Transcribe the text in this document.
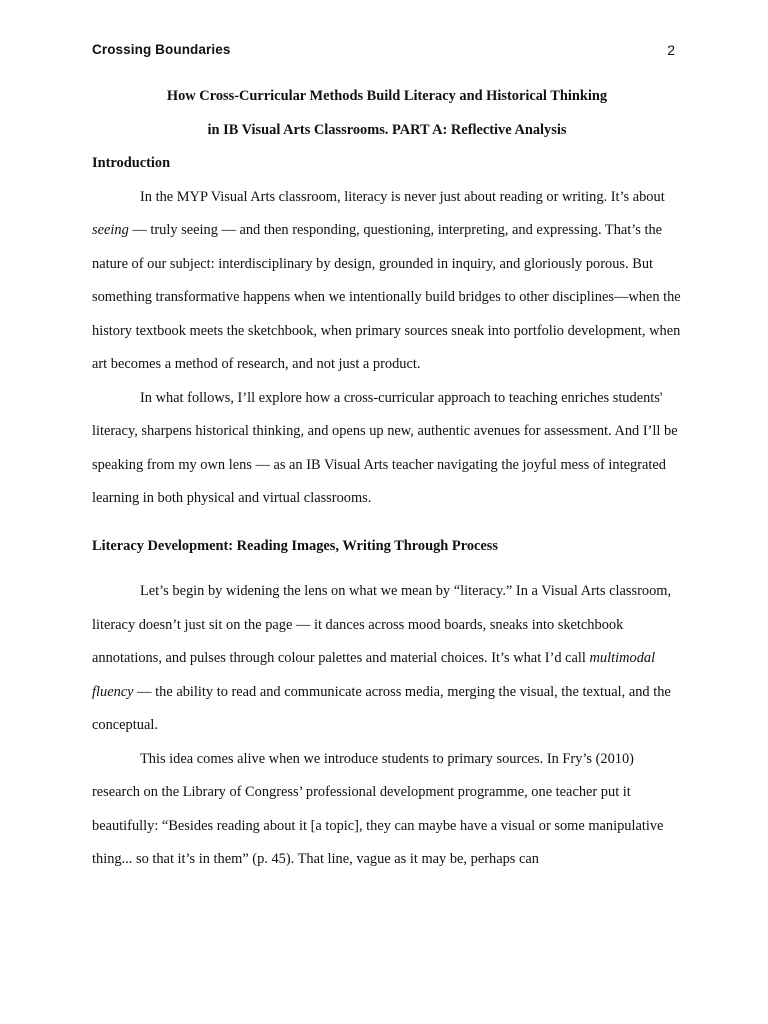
Crossing Boundaries	2

How Cross-Curricular Methods Build Literacy and Historical Thinking

in IB Visual Arts Classrooms. PART A: Reflective Analysis

Introduction

In the MYP Visual Arts classroom, literacy is never just about reading or writing. It’s about seeing — truly seeing — and then responding, questioning, interpreting, and expressing. That’s the nature of our subject: interdisciplinary by design, grounded in inquiry, and gloriously porous. But something transformative happens when we intentionally build bridges to other disciplines—when the history textbook meets the sketchbook, when primary sources sneak into portfolio development, when art becomes a method of research, and not just a product.

In what follows, I’ll explore how a cross-curricular approach to teaching enriches students' literacy, sharpens historical thinking, and opens up new, authentic avenues for assessment. And I’ll be speaking from my own lens — as an IB Visual Arts teacher navigating the joyful mess of integrated learning in both physical and virtual classrooms.

Literacy Development: Reading Images, Writing Through Process

Let’s begin by widening the lens on what we mean by “literacy.” In a Visual Arts classroom, literacy doesn’t just sit on the page — it dances across mood boards, sneaks into sketchbook annotations, and pulses through colour palettes and material choices. It’s what I’d call multimodal fluency — the ability to read and communicate across media, merging the visual, the textual, and the conceptual.

This idea comes alive when we introduce students to primary sources. In Fry’s (2010) research on the Library of Congress’ professional development programme, one teacher put it beautifully: “Besides reading about it [a topic], they can maybe have a visual or some manipulative thing... so that it’s in them” (p. 45). That line, vague as it may be, perhaps can
